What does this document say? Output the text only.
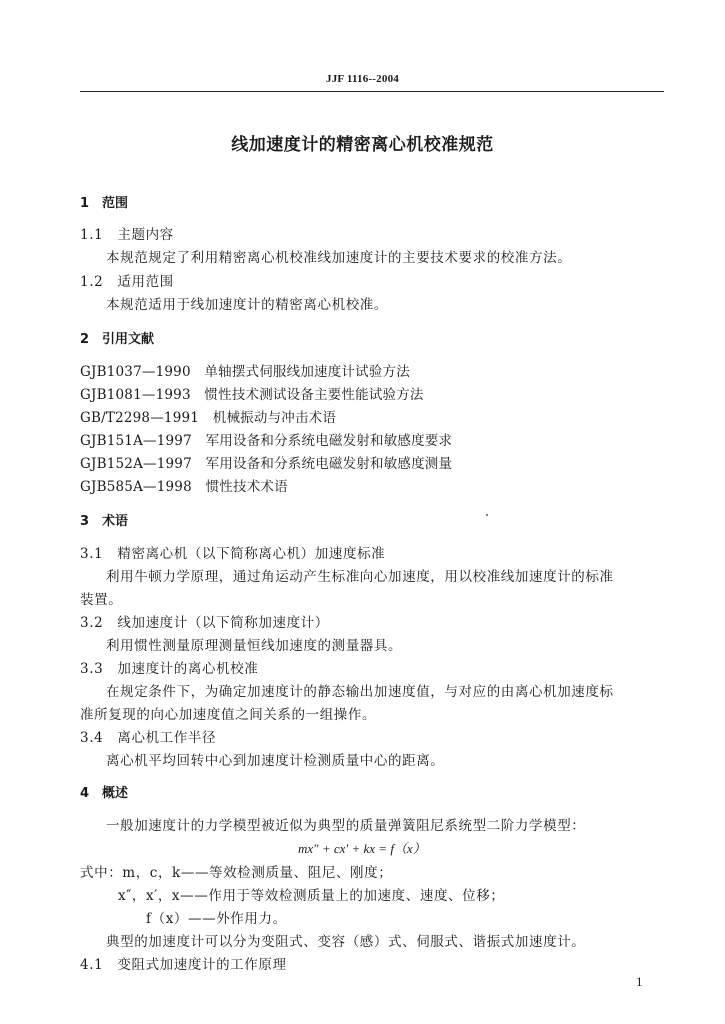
JJF 1116--2004
线加速度计的精密离心机校准规范
1　范围
1.1　主题内容
本规范规定了利用精密离心机校准线加速度计的主要技术要求的校准方法。
1.2　适用范围
本规范适用于线加速度计的精密离心机校准。
2　引用文献
GJB1037—1990　单轴摆式伺服线加速度计试验方法
GJB1081—1993　惯性技术测试设备主要性能试验方法
GB/T2298—1991　机械振动与冲击术语
GJB151A—1997　军用设备和分系统电磁发射和敏感度要求
GJB152A—1997　军用设备和分系统电磁发射和敏感度测量
GJB585A—1998　惯性技术术语
3　术语
3.1　精密离心机（以下简称离心机）加速度标准
利用牛顿力学原理，通过角运动产生标准向心加速度，用以校准线加速度计的标准
装置。
3.2　线加速度计（以下简称加速度计）
利用惯性测量原理测量恒线加速度的测量器具。
3.3　加速度计的离心机校准
在规定条件下，为确定加速度计的静态输出加速度值，与对应的由离心机加速度标
准所复现的向心加速度值之间关系的一组操作。
3.4　离心机工作半径
离心机平均回转中心到加速度计检测质量中心的距离。
4　概述
一般加速度计的力学模型被近似为典型的质量弹簧阻尼系统型二阶力学模型：
mx″ + cx′ + kx = f（x）
式中：m，c，k——等效检测质量、阻尼、刚度；
x″，x′，x——作用于等效检测质量上的加速度、速度、位移；
f（x）——外作用力。
典型的加速度计可以分为变阻式、变容（感）式、伺服式、谐振式加速度计。
4.1　变阻式加速度计的工作原理
1
